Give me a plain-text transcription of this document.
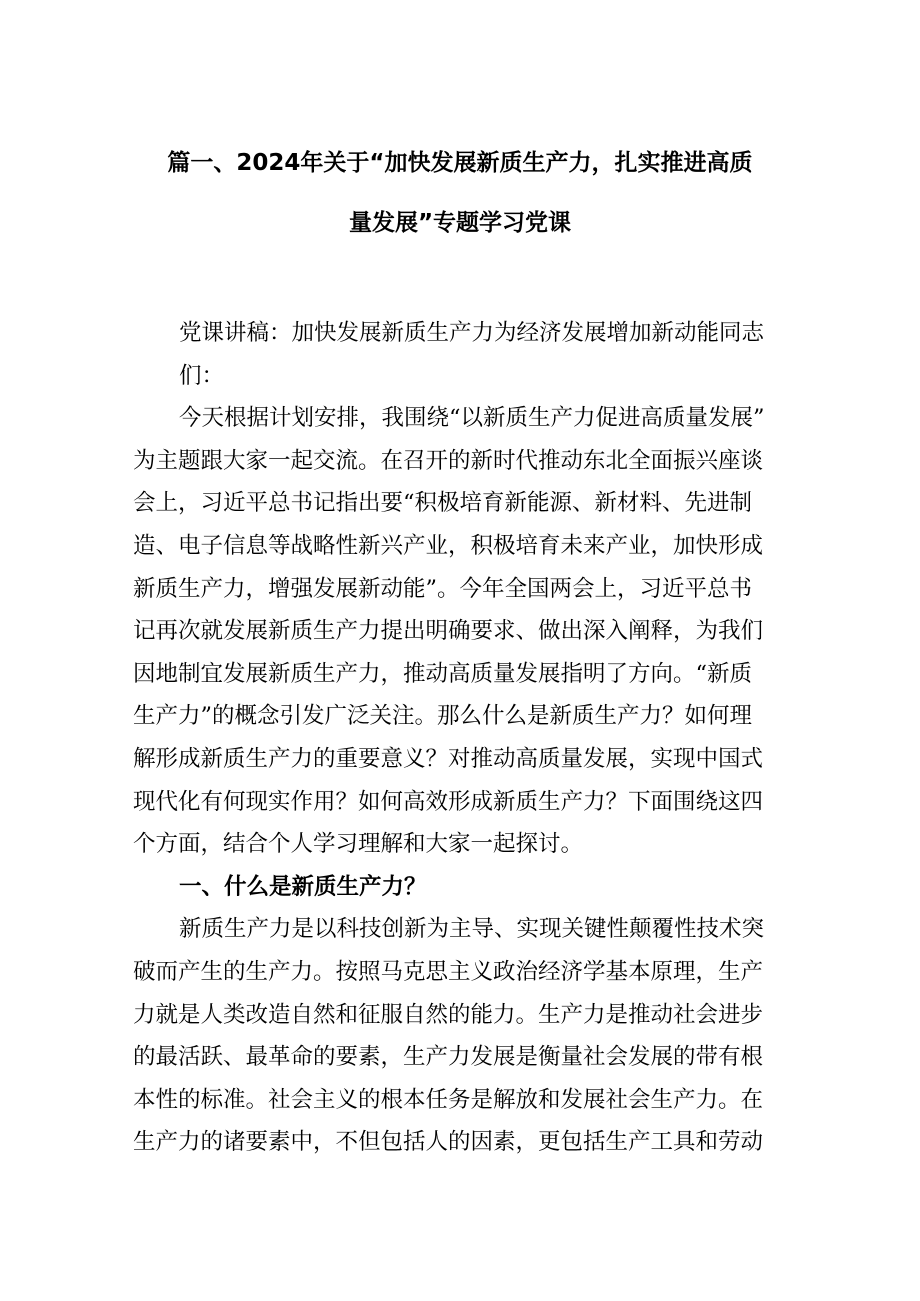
篇一、2024年关于“加快发展新质生产力，扎实推进高质
量发展”专题学习党课
党课讲稿：加快发展新质生产力为经济发展增加新动能同志
们：
今天根据计划安排，我围绕“以新质生产力促进高质量发展”
为主题跟大家一起交流。在召开的新时代推动东北全面振兴座谈
会上，习近平总书记指出要“积极培育新能源、新材料、先进制
造、电子信息等战略性新兴产业，积极培育未来产业，加快形成
新质生产力，增强发展新动能”。今年全国两会上，习近平总书
记再次就发展新质生产力提出明确要求、做出深入阐释，为我们
因地制宜发展新质生产力，推动高质量发展指明了方向。“新质
生产力”的概念引发广泛关注。那么什么是新质生产力？如何理
解形成新质生产力的重要意义？对推动高质量发展，实现中国式
现代化有何现实作用？如何高效形成新质生产力？下面围绕这四
个方面，结合个人学习理解和大家一起探讨。
一、什么是新质生产力？
新质生产力是以科技创新为主导、实现关键性颠覆性技术突
破而产生的生产力。按照马克思主义政治经济学基本原理，生产
力就是人类改造自然和征服自然的能力。生产力是推动社会进步
的最活跃、最革命的要素，生产力发展是衡量社会发展的带有根
本性的标准。社会主义的根本任务是解放和发展社会生产力。在
生产力的诸要素中，不但包括人的因素，更包括生产工具和劳动
